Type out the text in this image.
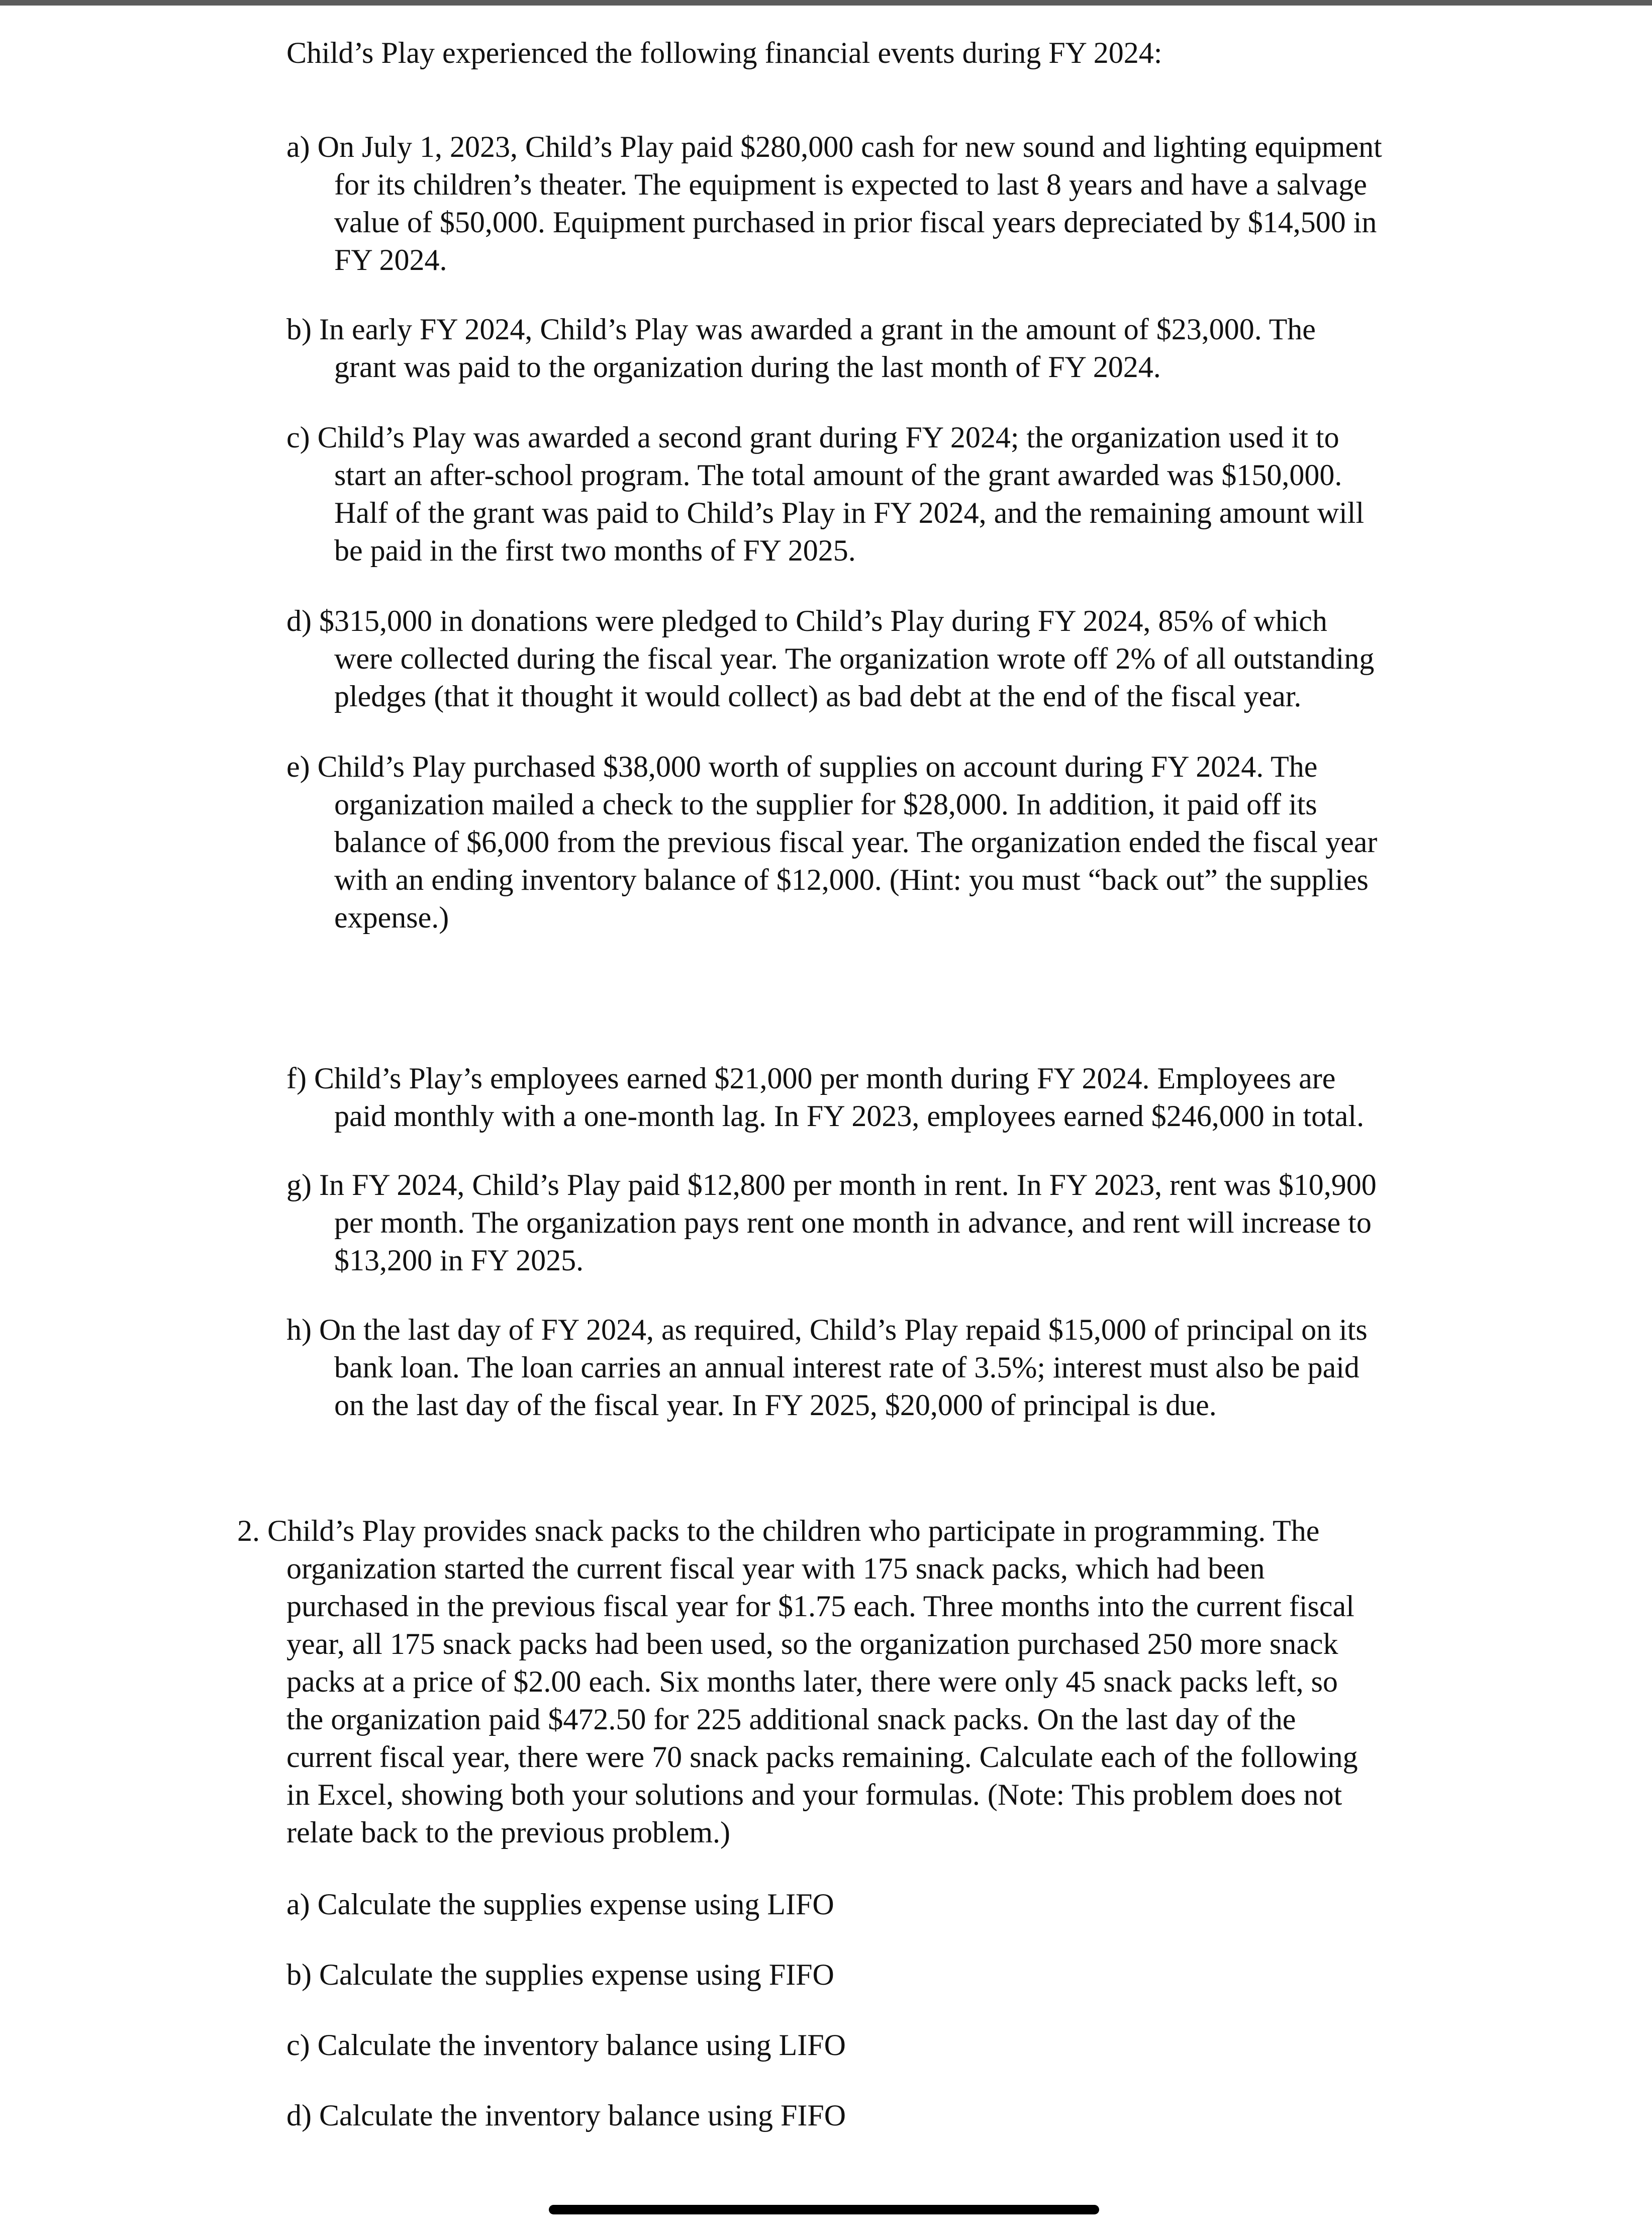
Child’s Play experienced the following financial events during FY 2024:

a) On July 1, 2023, Child’s Play paid $280,000 cash for new sound and lighting equipment
for its children’s theater. The equipment is expected to last 8 years and have a salvage
value of $50,000. Equipment purchased in prior fiscal years depreciated by $14,500 in
FY 2024.

b) In early FY 2024, Child’s Play was awarded a grant in the amount of $23,000. The
grant was paid to the organization during the last month of FY 2024.

c) Child’s Play was awarded a second grant during FY 2024; the organization used it to
start an after-school program. The total amount of the grant awarded was $150,000.
Half of the grant was paid to Child’s Play in FY 2024, and the remaining amount will
be paid in the first two months of FY 2025.

d) $315,000 in donations were pledged to Child’s Play during FY 2024, 85% of which
were collected during the fiscal year. The organization wrote off 2% of all outstanding
pledges (that it thought it would collect) as bad debt at the end of the fiscal year.

e) Child’s Play purchased $38,000 worth of supplies on account during FY 2024. The
organization mailed a check to the supplier for $28,000. In addition, it paid off its
balance of $6,000 from the previous fiscal year. The organization ended the fiscal year
with an ending inventory balance of $12,000. (Hint: you must “back out” the supplies
expense.)

f) Child’s Play’s employees earned $21,000 per month during FY 2024. Employees are
paid monthly with a one-month lag. In FY 2023, employees earned $246,000 in total.

g) In FY 2024, Child’s Play paid $12,800 per month in rent. In FY 2023, rent was $10,900
per month. The organization pays rent one month in advance, and rent will increase to
$13,200 in FY 2025.

h) On the last day of FY 2024, as required, Child’s Play repaid $15,000 of principal on its
bank loan. The loan carries an annual interest rate of 3.5%; interest must also be paid
on the last day of the fiscal year. In FY 2025, $20,000 of principal is due.

2. Child’s Play provides snack packs to the children who participate in programming. The
organization started the current fiscal year with 175 snack packs, which had been
purchased in the previous fiscal year for $1.75 each. Three months into the current fiscal
year, all 175 snack packs had been used, so the organization purchased 250 more snack
packs at a price of $2.00 each. Six months later, there were only 45 snack packs left, so
the organization paid $472.50 for 225 additional snack packs. On the last day of the
current fiscal year, there were 70 snack packs remaining. Calculate each of the following
in Excel, showing both your solutions and your formulas. (Note: This problem does not
relate back to the previous problem.)

a) Calculate the supplies expense using LIFO

b) Calculate the supplies expense using FIFO

c) Calculate the inventory balance using LIFO

d) Calculate the inventory balance using FIFO
